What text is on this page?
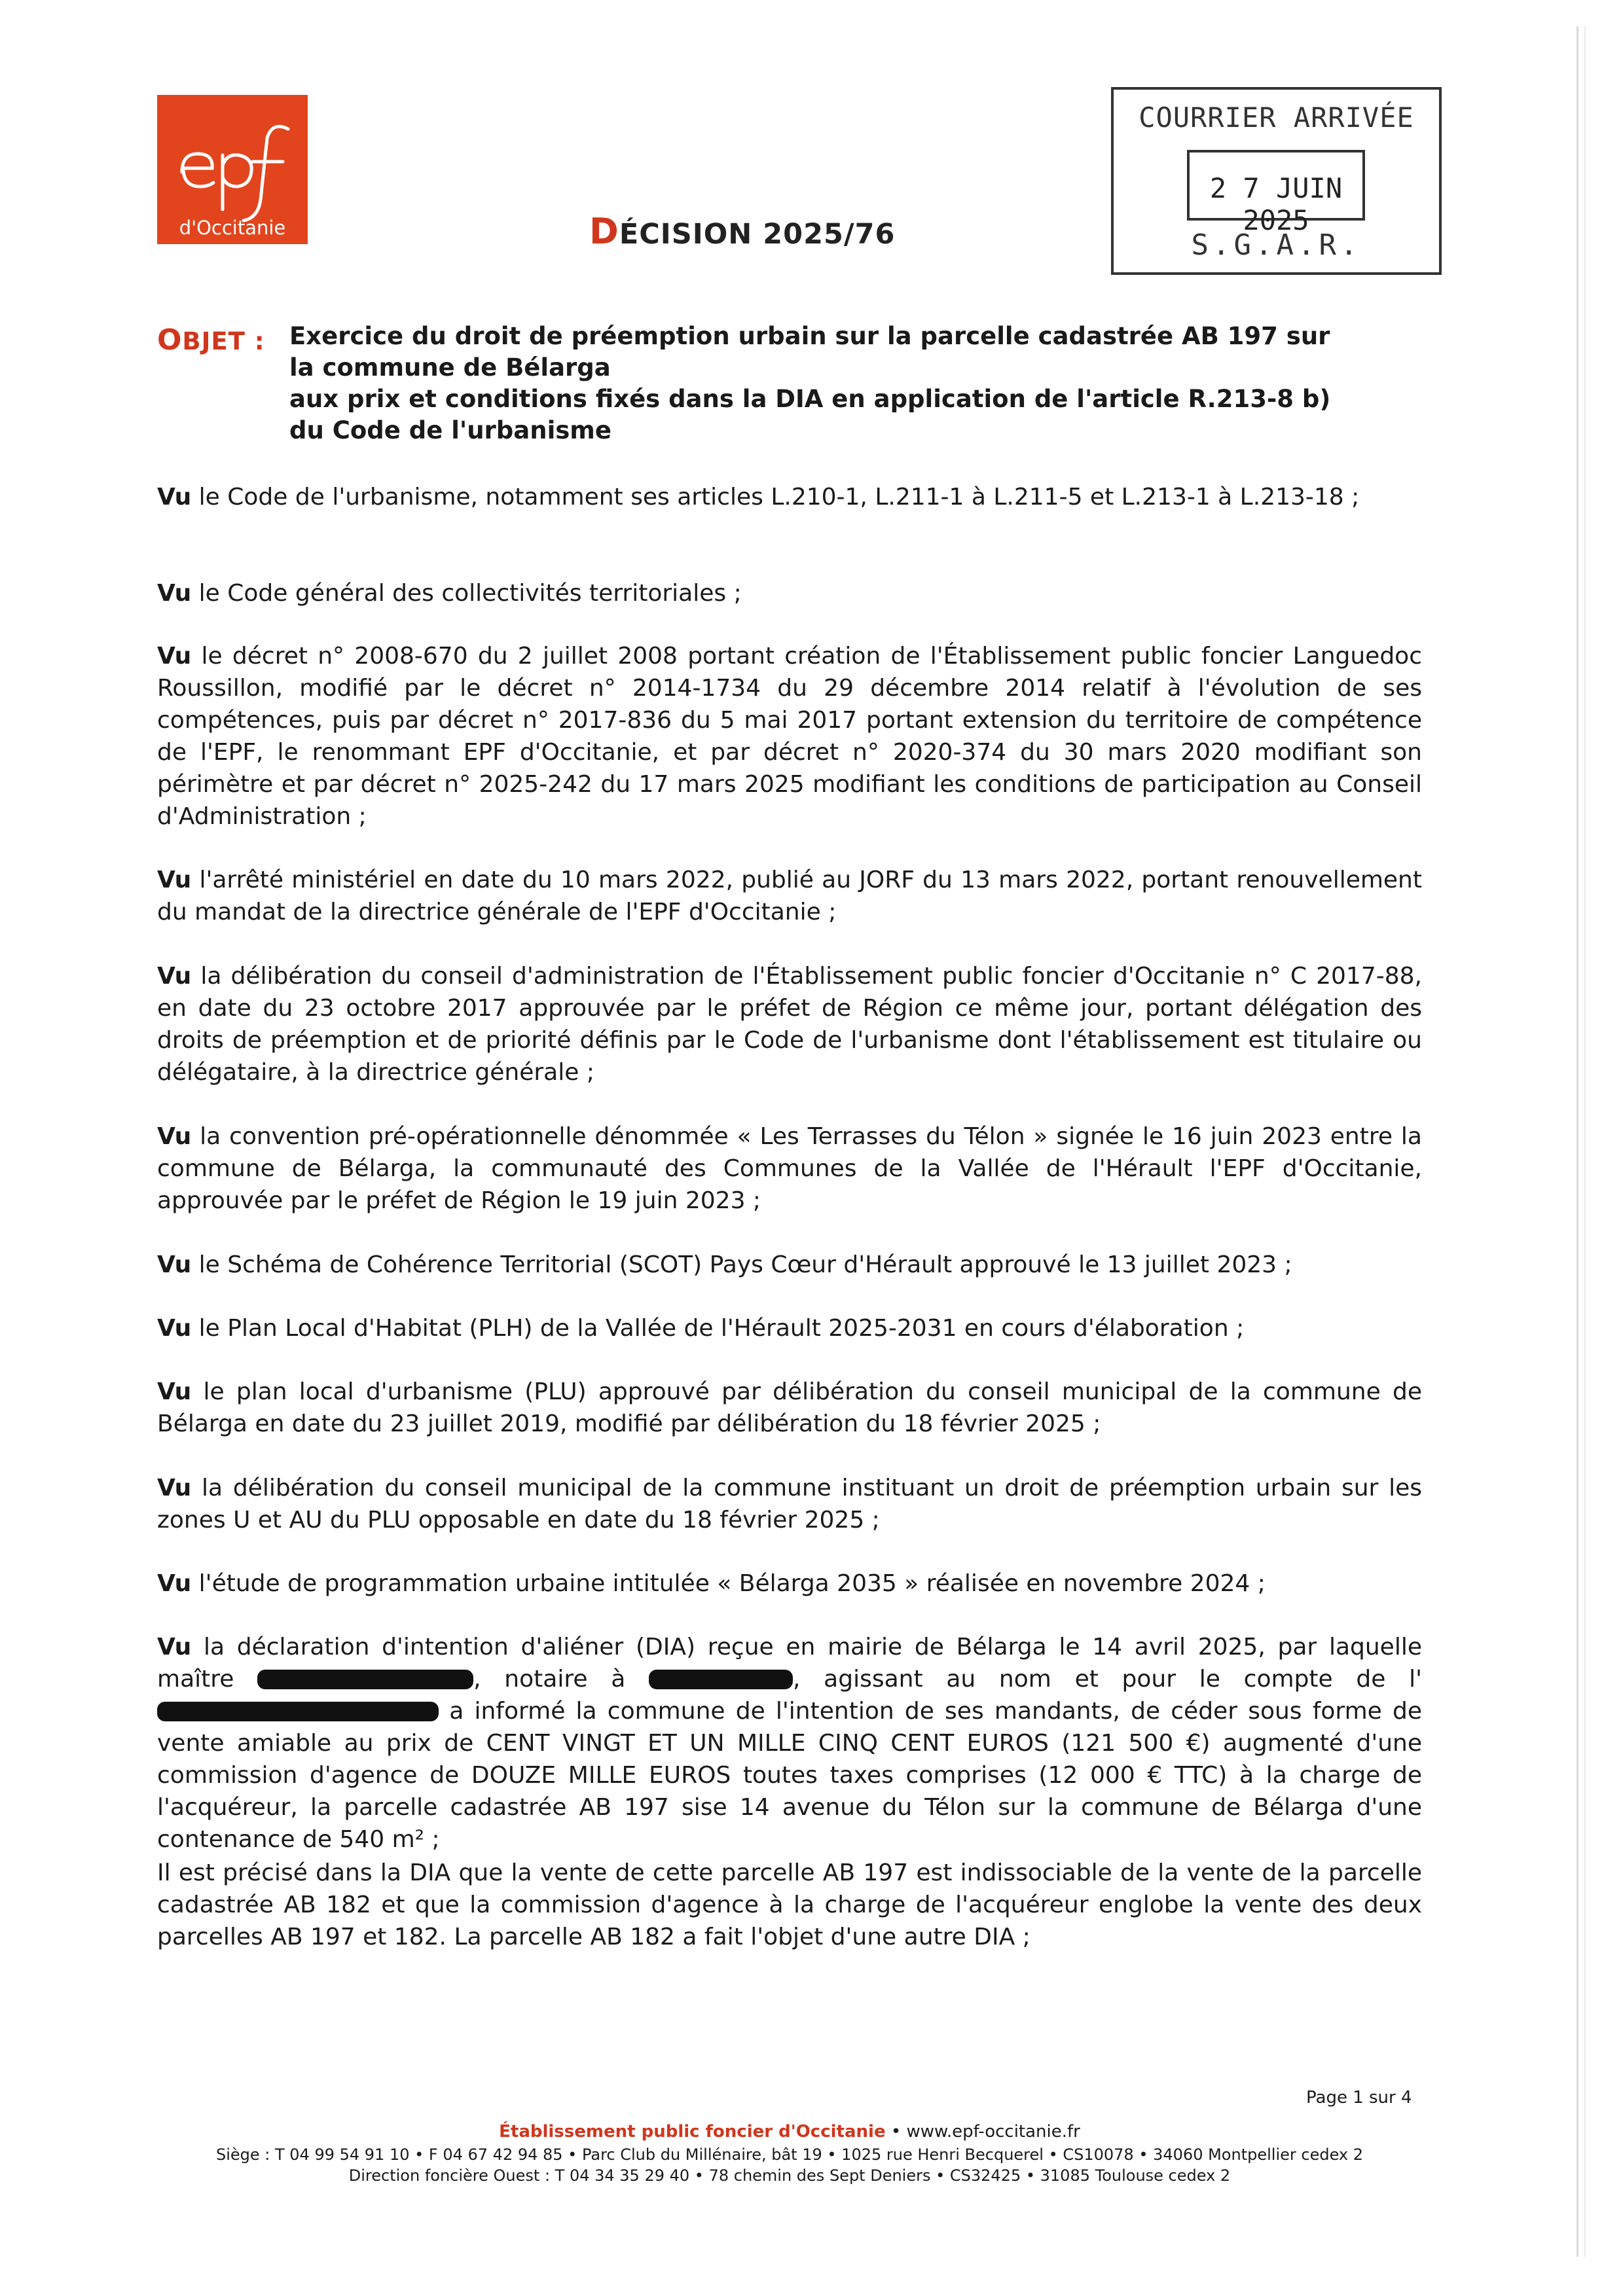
d'Occitanie	DÉCISION 2025/76
COURRIER ARRIVÉE
2 7 JUIN 2025
S.G.A.R.
OBJET : Exercice du droit de préemption urbain sur la parcelle cadastrée AB 197 sur
la commune de Bélarga
aux prix et conditions fixés dans la DIA en application de l'article R.213-8 b)
du Code de l'urbanisme
Vu le Code de l'urbanisme, notamment ses articles L.210-1, L.211-1 à L.211-5 et L.213-1 à L.213-18 ;
Vu le Code général des collectivités territoriales ;
Vu le décret n° 2008-670 du 2 juillet 2008 portant création de l'Établissement public foncier Languedoc Roussillon, modifié par le décret n° 2014-1734 du 29 décembre 2014 relatif à l'évolution de ses compétences, puis par décret n° 2017-836 du 5 mai 2017 portant extension du territoire de compétence de l'EPF, le renommant EPF d'Occitanie, et par décret n° 2020-374 du 30 mars 2020 modifiant son périmètre et par décret n° 2025-242 du 17 mars 2025 modifiant les conditions de participation au Conseil d'Administration ;
Vu l'arrêté ministériel en date du 10 mars 2022, publié au JORF du 13 mars 2022, portant renouvellement du mandat de la directrice générale de l'EPF d'Occitanie ;
Vu la délibération du conseil d'administration de l'Établissement public foncier d'Occitanie n° C 2017-88, en date du 23 octobre 2017 approuvée par le préfet de Région ce même jour, portant délégation des droits de préemption et de priorité définis par le Code de l'urbanisme dont l'établissement est titulaire ou délégataire, à la directrice générale ;
Vu la convention pré-opérationnelle dénommée « Les Terrasses du Télon » signée le 16 juin 2023 entre la commune de Bélarga, la communauté des Communes de la Vallée de l'Hérault l'EPF d'Occitanie, approuvée par le préfet de Région le 19 juin 2023 ;
Vu le Schéma de Cohérence Territorial (SCOT) Pays Cœur d'Hérault approuvé le 13 juillet 2023 ;
Vu le Plan Local d'Habitat (PLH) de la Vallée de l'Hérault 2025-2031 en cours d'élaboration ;
Vu le plan local d'urbanisme (PLU) approuvé par délibération du conseil municipal de la commune de Bélarga en date du 23 juillet 2019, modifié par délibération du 18 février 2025 ;
Vu la délibération du conseil municipal de la commune instituant un droit de préemption urbain sur les zones U et AU du PLU opposable en date du 18 février 2025 ;
Vu l'étude de programmation urbaine intitulée « Bélarga 2035 » réalisée en novembre 2024 ;
Vu la déclaration d'intention d'aliéner (DIA) reçue en mairie de Bélarga le 14 avril 2025, par laquelle maître	, notaire à	, agissant au nom et pour le compte de l' a informé la commune de l'intention de ses mandants, de céder sous forme de vente amiable au prix de CENT VINGT ET UN MILLE CINQ CENT EUROS (121 500 €) augmenté d'une commission d'agence de DOUZE MILLE EUROS toutes taxes comprises (12 000 € TTC) à la charge de l'acquéreur, la parcelle cadastrée AB 197 sise 14 avenue du Télon sur la commune de Bélarga d'une contenance de 540 m² ;
Il est précisé dans la DIA que la vente de cette parcelle AB 197 est indissociable de la vente de la parcelle cadastrée AB 182 et que la commission d'agence à la charge de l'acquéreur englobe la vente des deux parcelles AB 197 et 182. La parcelle AB 182 a fait l'objet d'une autre DIA ;
Page 1 sur 4
Établissement public foncier d'Occitanie • www.epf-occitanie.fr
Siège : T 04 99 54 91 10 • F 04 67 42 94 85 • Parc Club du Millénaire, bât 19 • 1025 rue Henri Becquerel • CS10078 • 34060 Montpellier cedex 2
Direction foncière Ouest : T 04 34 35 29 40 • 78 chemin des Sept Deniers • CS32425 • 31085 Toulouse cedex 2
